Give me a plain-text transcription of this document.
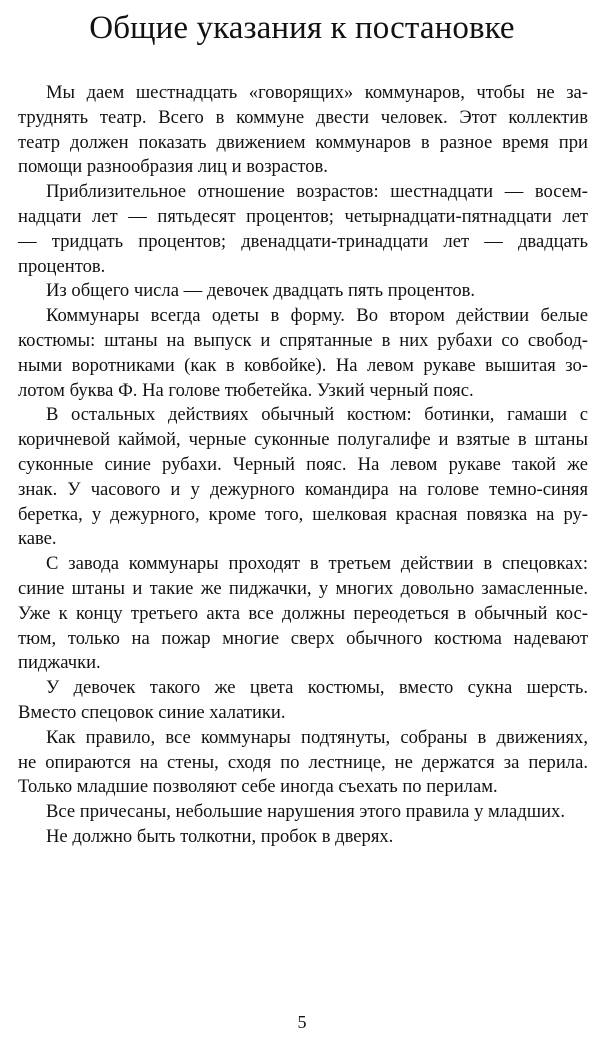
Общие указания к постановке
Мы даем шестнадцать «говорящих» коммунаров, чтобы не за-
труднять театр. Всего в коммуне двести человек. Этот коллектив
театр должен показать движением коммунаров в разное время при
помощи разнообразия лиц и возрастов.
Приблизительное отношение возрастов: шестнадцати — восем-
надцати лет — пятьдесят процентов; четырнадцати-пятнадцати лет
— тридцать процентов; двенадцати-тринадцати лет — двадцать
процентов.
Из общего числа — девочек двадцать пять процентов.
Коммунары всегда одеты в форму. Во втором действии белые
костюмы: штаны на выпуск и спрятанные в них рубахи со свобод-
ными воротниками (как в ковбойке). На левом рукаве вышитая зо-
лотом буква Ф. На голове тюбетейка. Узкий черный пояс.
В остальных действиях обычный костюм: ботинки, гамаши с
коричневой каймой, черные суконные полугалифе и взятые в штаны
суконные синие рубахи. Черный пояс. На левом рукаве такой же
знак. У часового и у дежурного командира на голове темно-синяя
беретка, у дежурного, кроме того, шелковая красная повязка на ру-
каве.
С завода коммунары проходят в третьем действии в спецовках:
синие штаны и такие же пиджачки, у многих довольно замасленные.
Уже к концу третьего акта все должны переодеться в обычный кос-
тюм, только на пожар многие сверх обычного костюма надевают
пиджачки.
У девочек такого же цвета костюмы, вместо сукна шерсть.
Вместо спецовок синие халатики.
Как правило, все коммунары подтянуты, собраны в движениях,
не опираются на стены, сходя по лестнице, не держатся за перила.
Только младшие позволяют себе иногда съехать по перилам.
Все причесаны, небольшие нарушения этого правила у младших.
Не должно быть толкотни, пробок в дверях.
5
